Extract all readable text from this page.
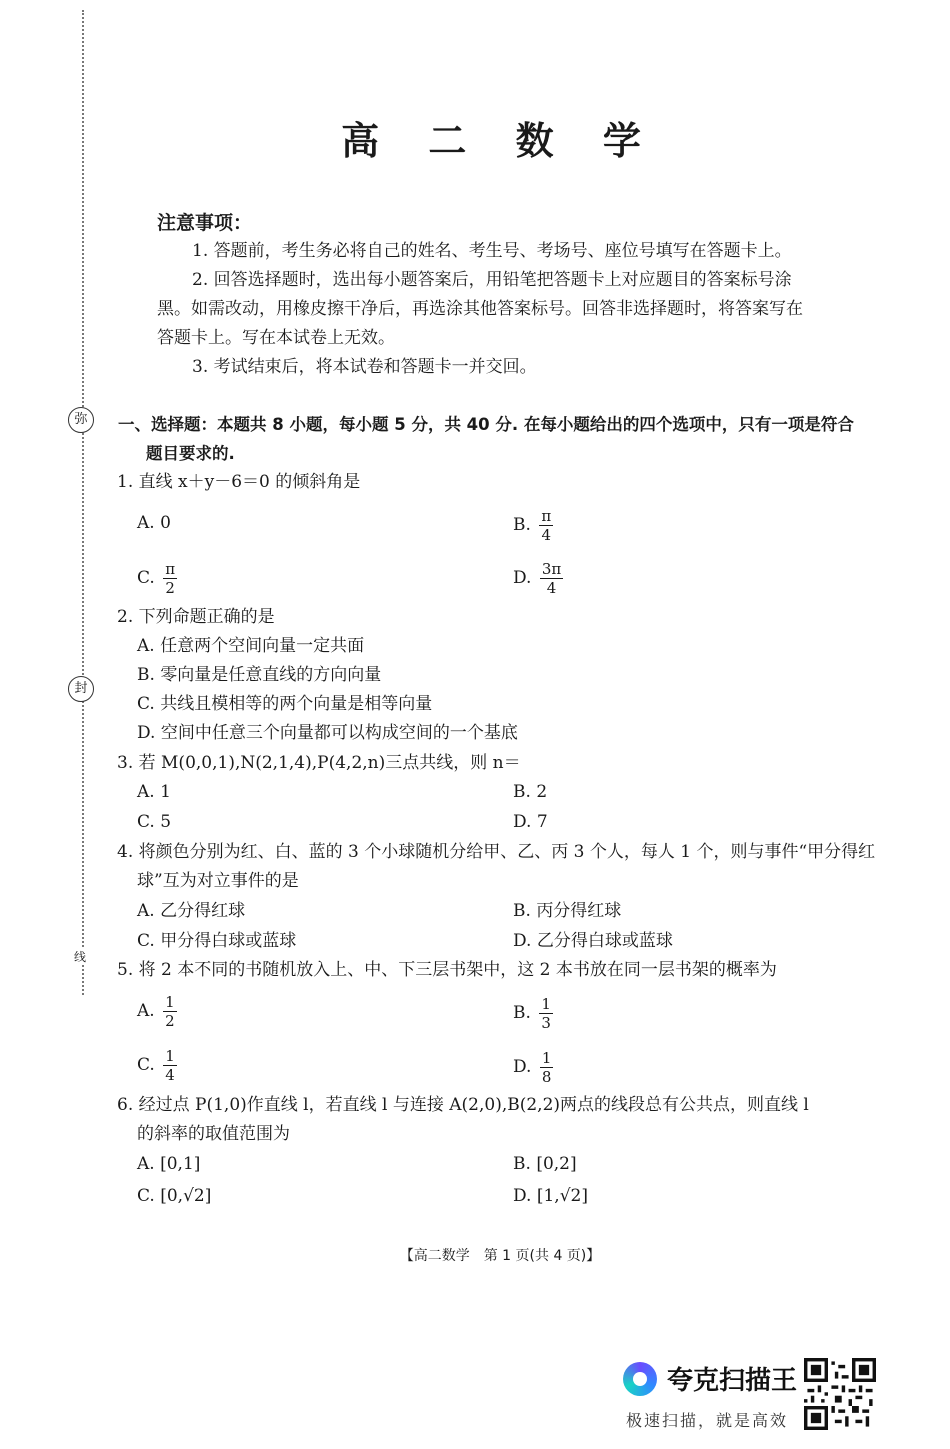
弥
封
线
高 二 数 学
注意事项：
1. 答题前，考生务必将自己的姓名、考生号、考场号、座位号填写在答题卡上。
2. 回答选择题时，选出每小题答案后，用铅笔把答题卡上对应题目的答案标号涂
黑。如需改动，用橡皮擦干净后，再选涂其他答案标号。回答非选择题时，将答案写在
答题卡上。写在本试卷上无效。
3. 考试结束后，将本试卷和答题卡一并交回。
一、选择题：本题共 8 小题，每小题 5 分，共 40 分. 在每小题给出的四个选项中，只有一项是符合
题目要求的.
1. 直线 x＋y－6＝0 的倾斜角是
A. 0	B. $\frac{\pi}{4}$
C. $\frac{\pi}{2}$	D. $\frac{3\pi}{4}$
2. 下列命题正确的是
A. 任意两个空间向量一定共面
B. 零向量是任意直线的方向向量
C. 共线且模相等的两个向量是相等向量
D. 空间中任意三个向量都可以构成空间的一个基底
3. 若 M(0,0,1),N(2,1,4),P(4,2,n)三点共线，则 n＝
A. 1	B. 2
C. 5	D. 7
4. 将颜色分别为红、白、蓝的 3 个小球随机分给甲、乙、丙 3 个人，每人 1 个，则与事件“甲分得红
球”互为对立事件的是
A. 乙分得红球	B. 丙分得红球
C. 甲分得白球或蓝球	D. 乙分得白球或蓝球
5. 将 2 本不同的书随机放入上、中、下三层书架中，这 2 本书放在同一层书架的概率为
A. $\frac{1}{2}$	B. $\frac{1}{3}$
C. $\frac{1}{4}$	D. $\frac{1}{8}$
6. 经过点 P(1,0)作直线 l，若直线 l 与连接 A(2,0),B(2,2)两点的线段总有公共点，则直线 l
的斜率的取值范围为
A. [0,1]	B. [0,2]
C. [0,√2]	D. [1,√2]
【高二数学　第 1 页(共 4 页)】
夸克扫描王
极速扫描，就是高效
